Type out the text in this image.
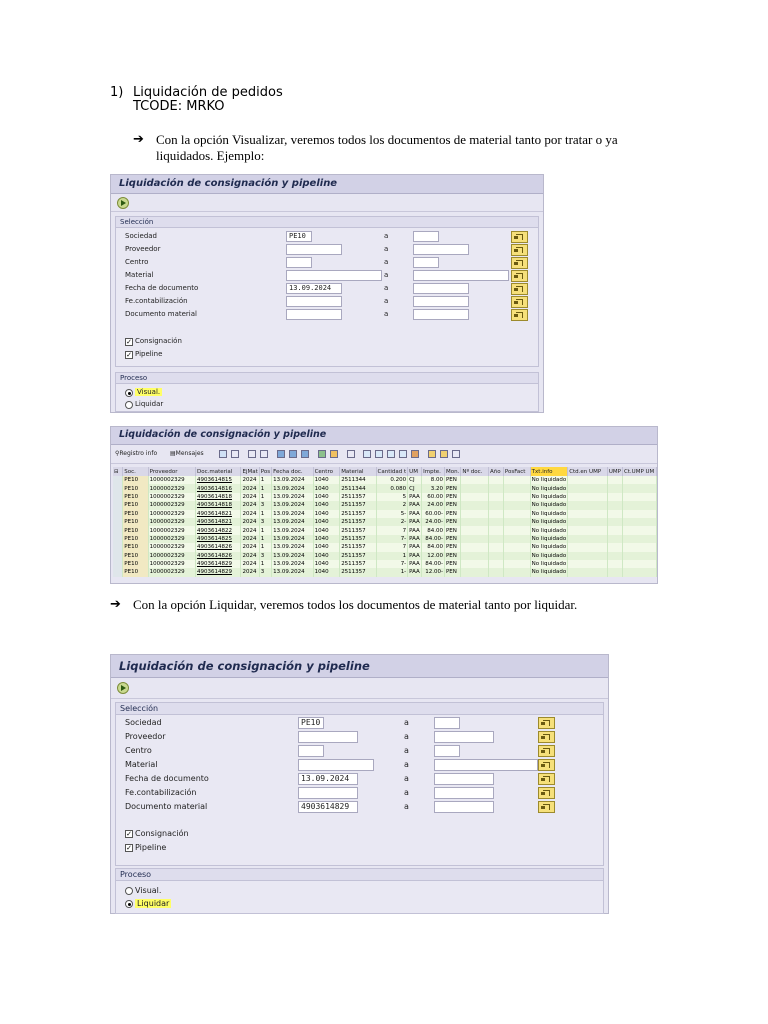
1) Liquidación de pedidos
TCODE: MRKO
➔ Con la opción Visualizar, veremos todos los documentos de material tanto por tratar o ya
liquidados. Ejemplo:
Liquidación de consignación y pipeline
Selección
Sociedad	PE10	a
Proveedor	a
Centro	a
Material	a
Fecha de documento	13.09.2024	a
Fe.contabilización	a
Documento material	a
✓ Consignación
✓ Pipeline
Proceso
Visual.
Liquidar
Liquidación de consignación y pipeline
⚲Registro info ▤Mensajes
⊟	Soc.	Proveedor	Doc.material	EjMat	Pos	Fecha doc.	Centro	Material	Cantidad t	UM	Impte.	Mon.	Nº doc.	Año	PosFact	Txt.info	Ctd.en UMP	UMP	Ct.UMP UM
	PE10	1000002329	4903614815	2024	1	13.09.2024	1040	2511344	0.200	CJ	8.00	PEN				No liquidado			
	PE10	1000002329	4903614816	2024	1	13.09.2024	1040	2511344	0.080	CJ	3.20	PEN				No liquidado			
	PE10	1000002329	4903614818	2024	1	13.09.2024	1040	2511357	5	PAA	60.00	PEN				No liquidado			
	PE10	1000002329	4903614818	2024	3	13.09.2024	1040	2511357	2	PAA	24.00	PEN				No liquidado			
	PE10	1000002329	4903614821	2024	1	13.09.2024	1040	2511357	5-	PAA	60.00-	PEN				No liquidado			
	PE10	1000002329	4903614821	2024	3	13.09.2024	1040	2511357	2-	PAA	24.00-	PEN				No liquidado			
	PE10	1000002329	4903614822	2024	1	13.09.2024	1040	2511357	7	PAA	84.00	PEN				No liquidado			
	PE10	1000002329	4903614825	2024	1	13.09.2024	1040	2511357	7-	PAA	84.00-	PEN				No liquidado			
	PE10	1000002329	4903614826	2024	1	13.09.2024	1040	2511357	7	PAA	84.00	PEN				No liquidado			
	PE10	1000002329	4903614826	2024	3	13.09.2024	1040	2511357	1	PAA	12.00	PEN				No liquidado			
	PE10	1000002329	4903614829	2024	1	13.09.2024	1040	2511357	7-	PAA	84.00-	PEN				No liquidado			
	PE10	1000002329	4903614829	2024	3	13.09.2024	1040	2511357	1-	PAA	12.00-	PEN				No liquidado			
➔ Con la opción Liquidar, veremos todos los documentos de material tanto por liquidar.
Liquidación de consignación y pipeline
Selección
Sociedad	PE10	a
Proveedor	a
Centro	a
Material	a
Fecha de documento	13.09.2024	a
Fe.contabilización	a
Documento material	4903614829	a
✓ Consignación
✓ Pipeline
Proceso
Visual.
Liquidar
